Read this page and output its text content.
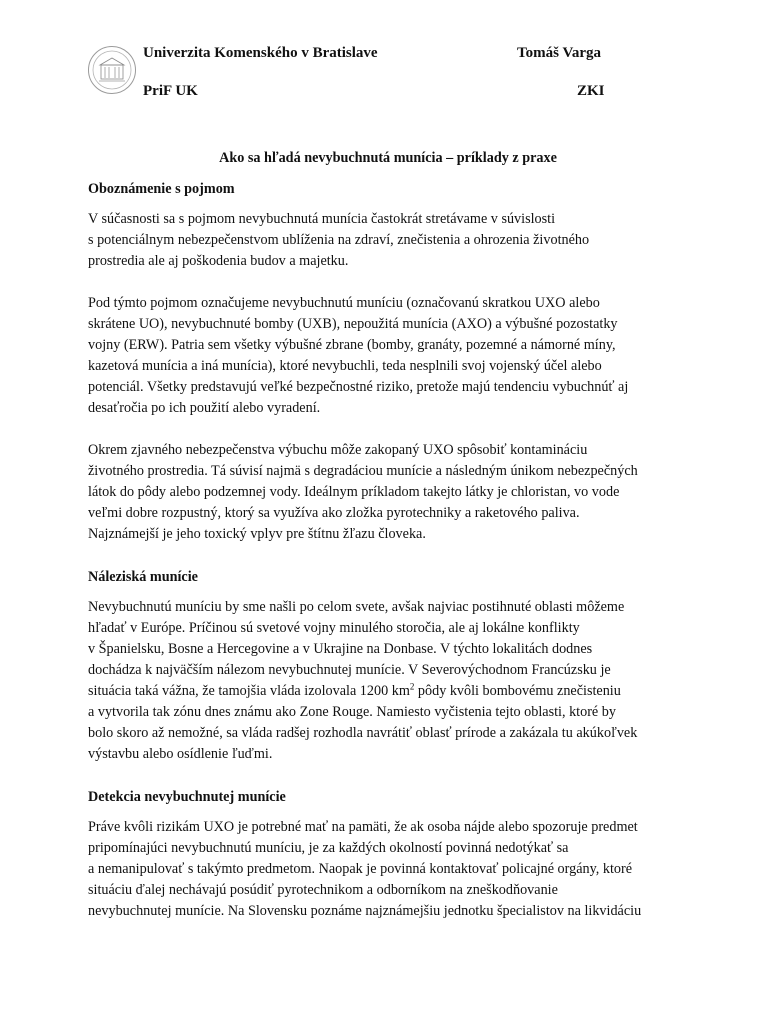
Univerzita Komenského v Bratislave
PriF UK
Tomáš Varga
ZKI
Ako sa hľadá nevybuchnutá munícia – príklady z praxe
Oboznámenie s pojmom
V súčasnosti sa s pojmom nevybuchnutá munícia častokrát stretávame v súvislosti
s potenciálnym nebezpečenstvom ublíženia na zdraví, znečistenia a ohrozenia životného
prostredia ale aj poškodenia budov a majetku.
Pod týmto pojmom označujeme nevybuchnutú muníciu (označovanú skratkou UXO alebo
skrátene UO), nevybuchnuté bomby (UXB), nepoužitá munícia (AXO) a výbušné pozostatky
vojny (ERW). Patria sem všetky výbušné zbrane (bomby, granáty, pozemné a námorné míny,
kazetová munícia a iná munícia), ktoré nevybuchli, teda nesplnili svoj vojenský účel alebo
potenciál. Všetky predstavujú veľké bezpečnostné riziko, pretože majú tendenciu vybuchnúť aj
desaťročia po ich použití alebo vyradení.
Okrem zjavného nebezpečenstva výbuchu môže zakopaný UXO spôsobiť kontamináciu
životného prostredia. Tá súvisí najmä s degradáciou munície a následným únikom nebezpečných
látok do pôdy alebo podzemnej vody. Ideálnym príkladom takejto látky je chloristan, vo vode
veľmi dobre rozpustný, ktorý sa využíva ako zložka pyrotechniky a raketového paliva.
Najznámejší je jeho toxický vplyv pre štítnu žľazu človeka.
Náleziská munície
Nevybuchnutú muníciu by sme našli po celom svete, avšak najviac postihnuté oblasti môžeme
hľadať v Európe. Príčinou sú svetové vojny minulého storočia, ale aj lokálne konflikty
v Španielsku, Bosne a Hercegovine a v Ukrajine na Donbase. V týchto lokalitách dodnes
dochádza k najväčším nálezom nevybuchnutej munície. V Severovýchodnom Francúzsku je
situácia taká vážna, že tamojšia vláda izolovala 1200 $km^2$ pôdy kvôli bombovému znečisteniu
a vytvorila tak zónu dnes známu ako Zone Rouge. Namiesto vyčistenia tejto oblasti, ktoré by
bolo skoro až nemožné, sa vláda radšej rozhodla navrátiť oblasť prírode a zakázala tu akúkoľvek
výstavbu alebo osídlenie ľuďmi.
Detekcia nevybuchnutej munície
Práve kvôli rizikám UXO je potrebné mať na pamäti, že ak osoba nájde alebo spozoruje predmet
pripomínajúci nevybuchnutú muníciu, je za každých okolností povinná nedotýkať sa
a nemanipulovať s takýmto predmetom. Naopak je povinná kontaktovať policajné orgány, ktoré
situáciu ďalej nechávajú posúdiť pyrotechnikom a odborníkom na zneškodňovanie
nevybuchnutej munície. Na Slovensku poznáme najznámejšiu jednotku špecialistov na likvidáciu
